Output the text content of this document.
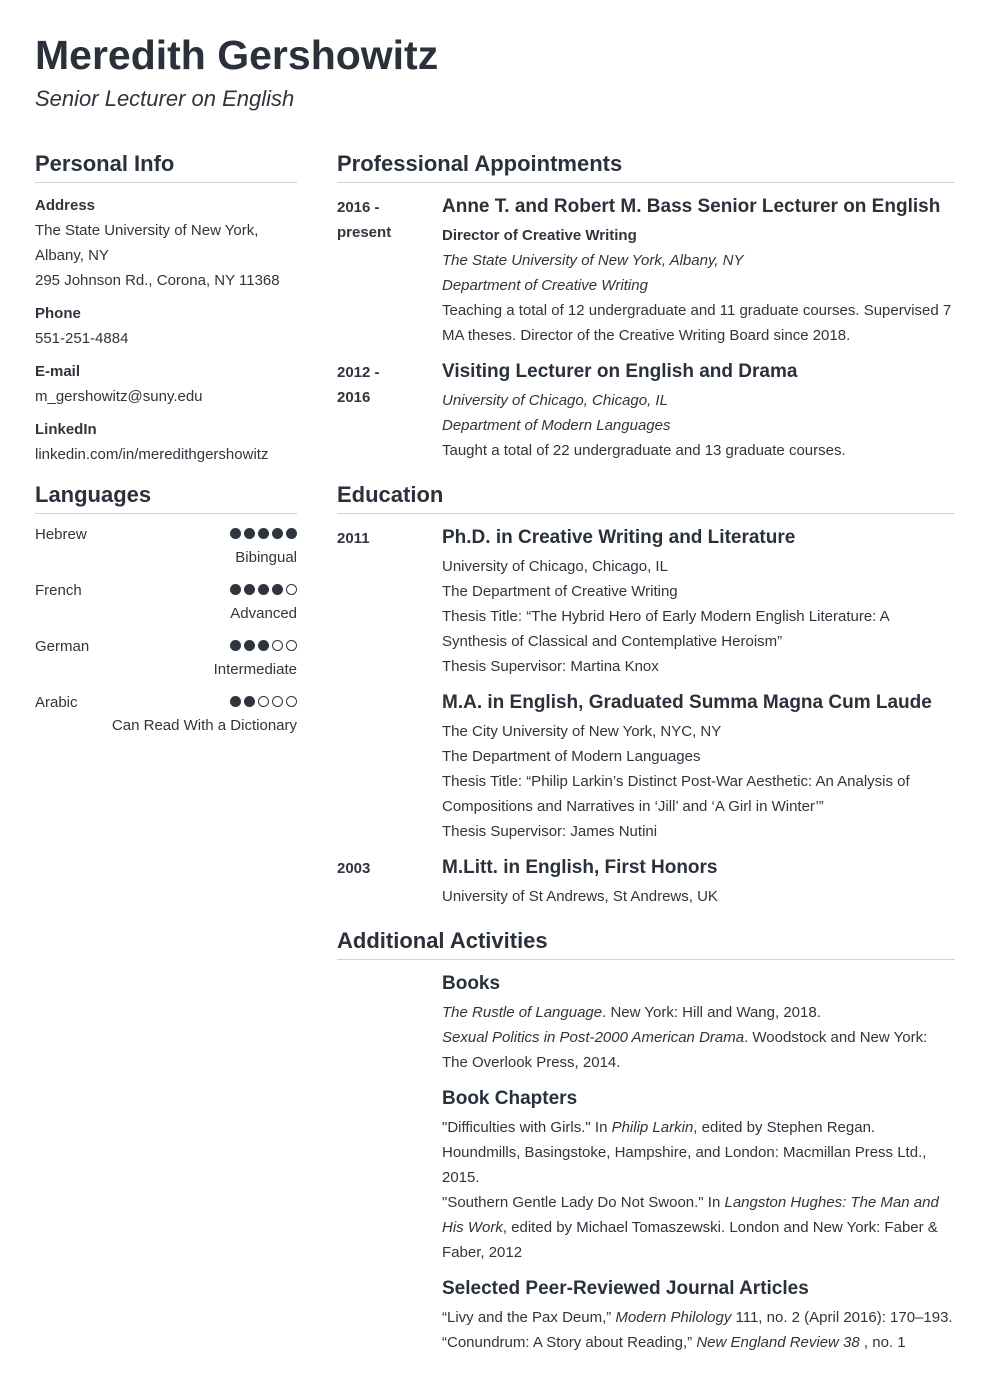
Meredith Gershowitz

Senior Lecturer on English

Personal Info
Address
The State University of New York,
Albany, NY
295 Johnson Rd., Corona, NY 11368
Phone
551-251-4884
E-mail
m_gershowitz@suny.edu
LinkedIn
linkedin.com/in/meredithgershowitz
Languages
Hebrew
Bibingual
French
Advanced
German
Intermediate
Arabic
Can Read With a Dictionary
Professional Appointments
2016 -
present
Anne T. and Robert M. Bass Senior Lecturer on English
Director of Creative Writing
The State University of New York, Albany, NY
Department of Creative Writing
Teaching a total of 12 undergraduate and 11 graduate courses. Supervised 7
MA theses. Director of the Creative Writing Board since 2018.
2012 -
2016
Visiting Lecturer on English and Drama
University of Chicago, Chicago, IL
Department of Modern Languages
Taught a total of 22 undergraduate and 13 graduate courses.
Education
2011	Ph.D. in Creative Writing and Literature
University of Chicago, Chicago, IL
The Department of Creative Writing
Thesis Title: “The Hybrid Hero of Early Modern English Literature: A
Synthesis of Classical and Contemplative Heroism”
Thesis Supervisor: Martina Knox
M.A. in English, Graduated Summa Magna Cum Laude
The City University of New York, NYC, NY
The Department of Modern Languages
Thesis Title: “Philip Larkin’s Distinct Post-War Aesthetic: An Analysis of
Compositions and Narratives in ‘Jill’ and ‘A Girl in Winter’”
Thesis Supervisor: James Nutini
2003	M.Litt. in English, First Honors
University of St Andrews, St Andrews, UK
Additional Activities
Books
The Rustle of Language. New York: Hill and Wang, 2018.
Sexual Politics in Post-2000 American Drama. Woodstock and New York:
The Overlook Press, 2014.
Book Chapters
"Difficulties with Girls." In Philip Larkin, edited by Stephen Regan.
Houndmills, Basingstoke, Hampshire, and London: Macmillan Press Ltd.,
2015.
"Southern Gentle Lady Do Not Swoon." In Langston Hughes: The Man and
His Work, edited by Michael Tomaszewski. London and New York: Faber &
Faber, 2012
Selected Peer-Reviewed Journal Articles
“Livy and the Pax Deum,” Modern Philology 111, no. 2 (April 2016): 170–193.
“Conundrum: A Story about Reading,” New England Review 38 , no. 1
